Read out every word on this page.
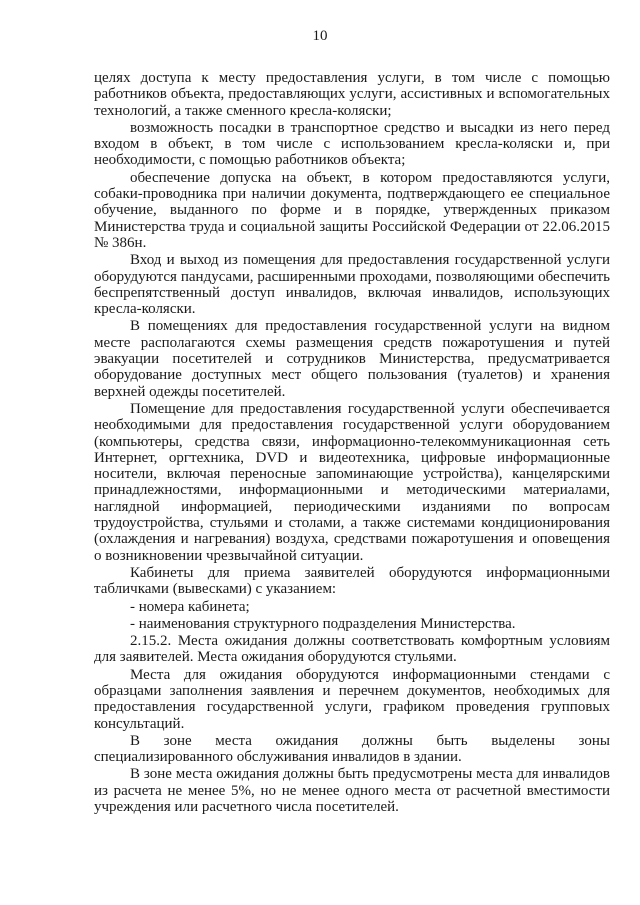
10

целях доступа к месту предоставления услуги, в том числе с помощью работников объекта, предоставляющих услуги, ассистивных и вспомогательных технологий, а также сменного кресла-коляски;

возможность посадки в транспортное средство и высадки из него перед входом в объект, в том числе с использованием кресла-коляски и, при необходимости, с помощью работников объекта;

обеспечение допуска на объект, в котором предоставляются услуги, собаки-проводника при наличии документа, подтверждающего ее специальное обучение, выданного по форме и в порядке, утвержденных приказом Министерства труда и социальной защиты Российской Федерации от 22.06.2015 № 386н.

Вход и выход из помещения для предоставления государственной услуги оборудуются пандусами, расширенными проходами, позволяющими обеспечить беспрепятственный доступ инвалидов, включая инвалидов, использующих кресла-коляски.

В помещениях для предоставления государственной услуги на видном месте располагаются схемы размещения средств пожаротушения и путей эвакуации посетителей и сотрудников Министерства, предусматривается оборудование доступных мест общего пользования (туалетов) и хранения верхней одежды посетителей.

Помещение для предоставления государственной услуги обеспечивается необходимыми для предоставления государственной услуги оборудованием (компьютеры, средства связи, информационно-телекоммуникационная сеть Интернет, оргтехника, DVD и видеотехника, цифровые информационные носители, включая переносные запоминающие устройства), канцелярскими принадлежностями, информационными и методическими материалами, наглядной информацией, периодическими изданиями по вопросам трудоустройства, стульями и столами, а также системами кондиционирования (охлаждения и нагревания) воздуха, средствами пожаротушения и оповещения о возникновении чрезвычайной ситуации.

Кабинеты для приема заявителей оборудуются информационными табличками (вывесками) с указанием:

- номера кабинета;

- наименования структурного подразделения Министерства.

2.15.2. Места ожидания должны соответствовать комфортным условиям для заявителей. Места ожидания оборудуются стульями.

Места для ожидания оборудуются информационными стендами с образцами заполнения заявления и перечнем документов, необходимых для предоставления государственной услуги, графиком проведения групповых консультаций.

В зоне места ожидания должны быть выделены зоны специализированного обслуживания инвалидов в здании.

В зоне места ожидания должны быть предусмотрены места для инвалидов из расчета не менее 5%, но не менее одного места от расчетной вместимости учреждения или расчетного числа посетителей.
